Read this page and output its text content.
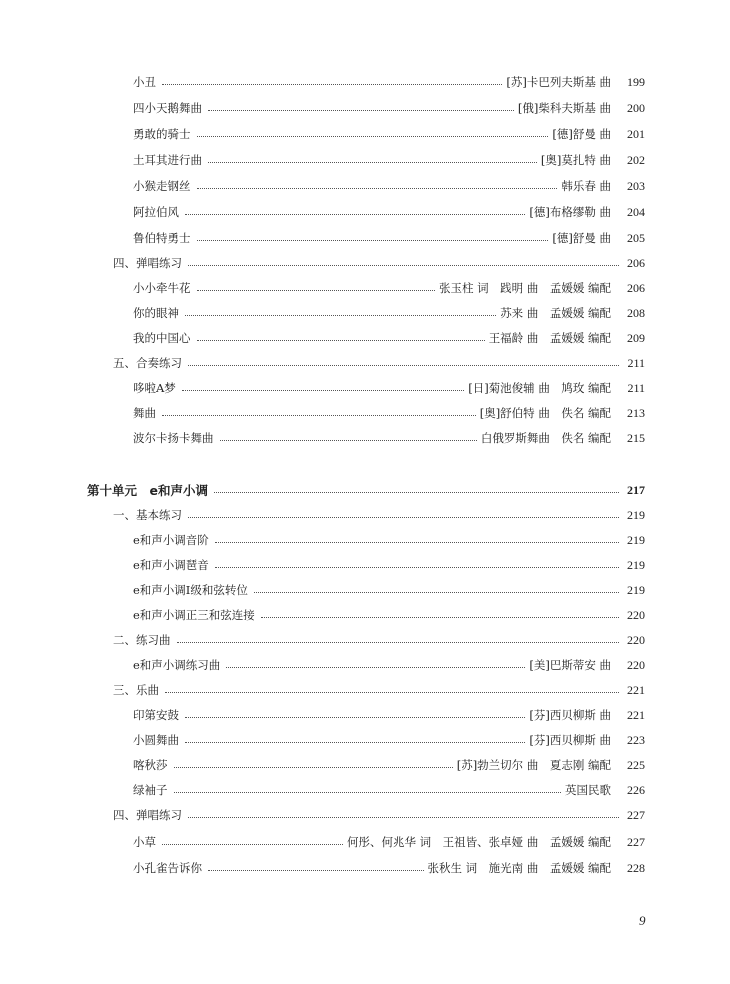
小丑	[苏]卡巴列夫斯基 曲	199
四小天鹅舞曲	[俄]柴科夫斯基 曲	200
勇敢的骑士	[德]舒曼 曲	201
土耳其进行曲	[奥]莫扎特 曲	202
小猴走钢丝	韩乐春 曲	203
阿拉伯风	[德]布格缪勒 曲	204
鲁伯特勇士	[德]舒曼 曲	205
四、弹唱练习	206
小小牵牛花	张玉柱 词　践明 曲　孟媛媛 编配	206
你的眼神	苏来 曲　孟媛媛 编配	208
我的中国心	王福龄 曲　孟媛媛 编配	209
五、合奏练习	211
哆啦A梦	[日]菊池俊辅 曲　鸠玫 编配	211
舞曲	[奥]舒伯特 曲　佚名 编配	213
波尔卡扬卡舞曲	白俄罗斯舞曲　佚名 编配	215
第十单元　e和声小调	217
一、基本练习	219
e和声小调音阶	219
e和声小调琶音	219
e和声小调Ⅰ级和弦转位	219
e和声小调正三和弦连接	220
二、练习曲	220
e和声小调练习曲	[美]巴斯蒂安 曲	220
三、乐曲	221
印第安鼓	[芬]西贝柳斯 曲	221
小圆舞曲	[芬]西贝柳斯 曲	223
喀秋莎	[苏]勃兰切尔 曲　夏志刚 编配	225
绿袖子	英国民歌	226
四、弹唱练习	227
小草	何彤、何兆华 词　王祖皆、张卓娅 曲　孟媛媛 编配	227
小孔雀告诉你	张秋生 词　施光南 曲　孟媛媛 编配	228
9
